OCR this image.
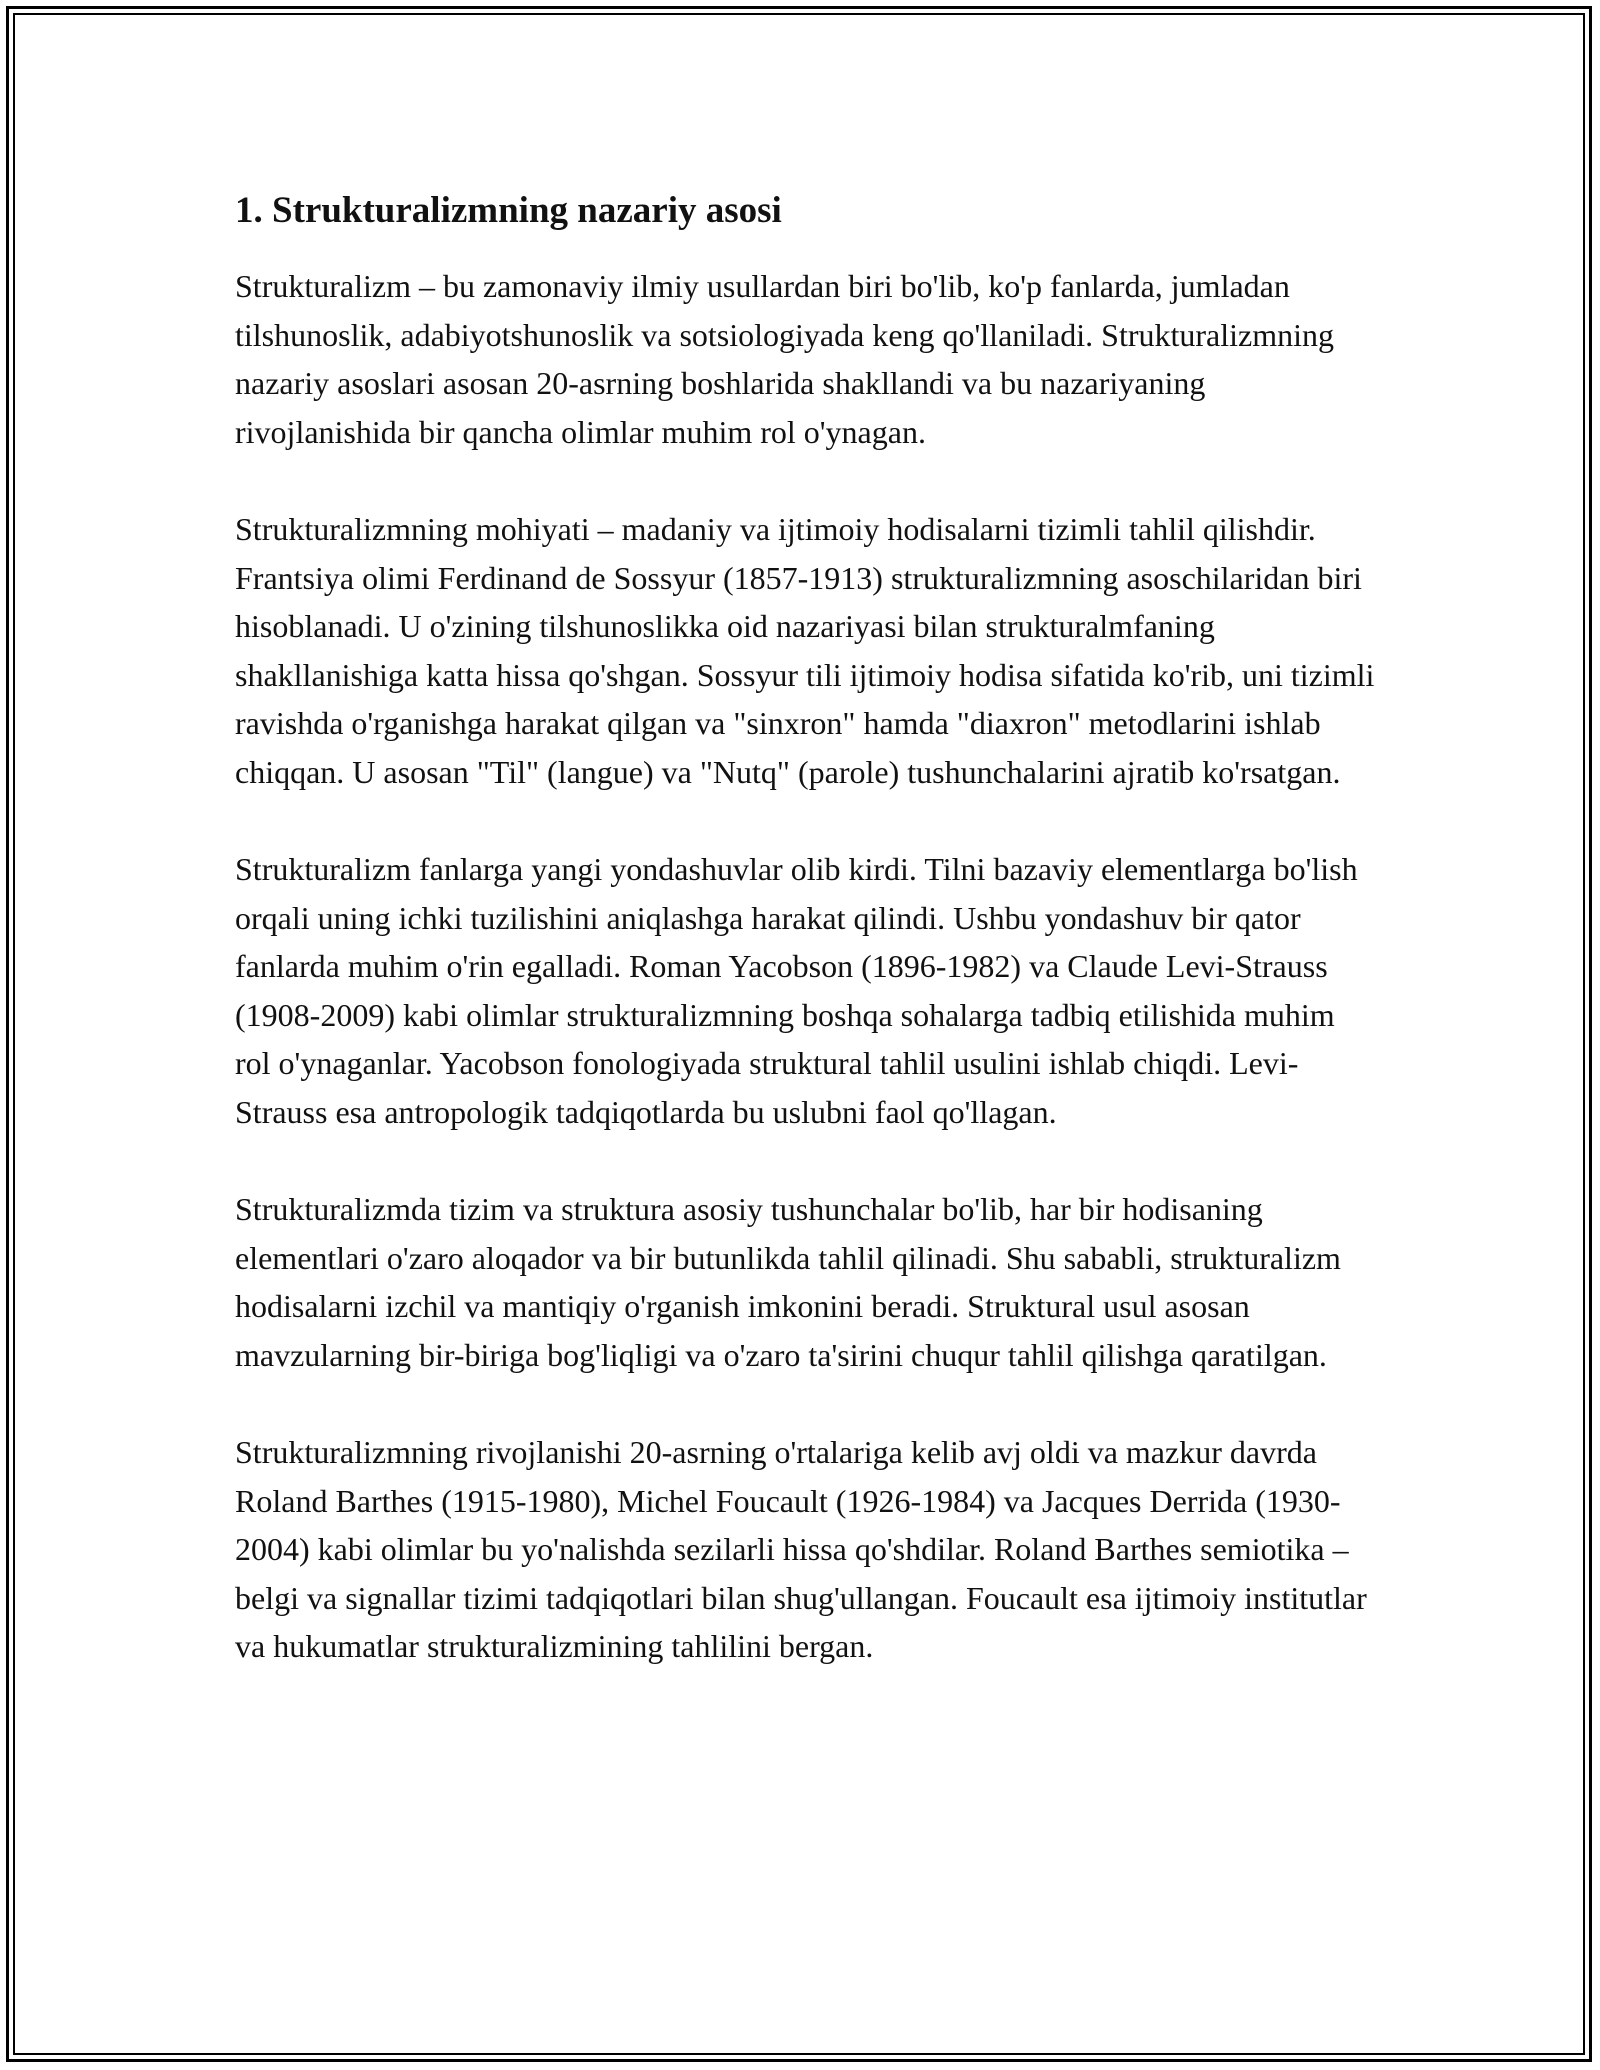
1. Strukturalizmning nazariy asosi

Strukturalizm – bu zamonaviy ilmiy usullardan biri bo'lib, ko'p fanlarda, jumladan tilshunoslik, adabiyotshunoslik va sotsiologiyada keng qo'llaniladi. Strukturalizmning nazariy asoslari asosan 20-asrning boshlarida shakllandi va bu nazariyaning rivojlanishida bir qancha olimlar muhim rol o'ynagan.

Strukturalizmning mohiyati – madaniy va ijtimoiy hodisalarni tizimli tahlil qilishdir. Frantsiya olimi Ferdinand de Sossyur (1857-1913) strukturalizmning asoschilaridan biri hisoblanadi. U o'zining tilshunoslikka oid nazariyasi bilan strukturalmfaning shakllanishiga katta hissa qo'shgan. Sossyur tili ijtimoiy hodisa sifatida ko'rib, uni tizimli ravishda o'rganishga harakat qilgan va "sinxron" hamda "diaxron" metodlarini ishlab chiqqan. U asosan "Til" (langue) va "Nutq" (parole) tushunchalarini ajratib ko'rsatgan.

Strukturalizm fanlarga yangi yondashuvlar olib kirdi. Tilni bazaviy elementlarga bo'lish orqali uning ichki tuzilishini aniqlashga harakat qilindi. Ushbu yondashuv bir qator fanlarda muhim o'rin egalladi. Roman Yacobson (1896-1982) va Claude Levi-Strauss (1908-2009) kabi olimlar strukturalizmning boshqa sohalarga tadbiq etilishida muhim rol o'ynaganlar. Yacobson fonologiyada struktural tahlil usulini ishlab chiqdi. Levi-Strauss esa antropologik tadqiqotlarda bu uslubni faol qo'llagan.

Strukturalizmda tizim va struktura asosiy tushunchalar bo'lib, har bir hodisaning elementlari o'zaro aloqador va bir butunlikda tahlil qilinadi. Shu sababli, strukturalizm hodisalarni izchil va mantiqiy o'rganish imkonini beradi. Struktural usul asosan mavzularning bir-biriga bog'liqligi va o'zaro ta'sirini chuqur tahlil qilishga qaratilgan.

Strukturalizmning rivojlanishi 20-asrning o'rtalariga kelib avj oldi va mazkur davrda Roland Barthes (1915-1980), Michel Foucault (1926-1984) va Jacques Derrida (1930-2004) kabi olimlar bu yo'nalishda sezilarli hissa qo'shdilar. Roland Barthes semiotika – belgi va signallar tizimi tadqiqotlari bilan shug'ullangan. Foucault esa ijtimoiy institutlar va hukumatlar strukturalizmining tahlilini bergan.
